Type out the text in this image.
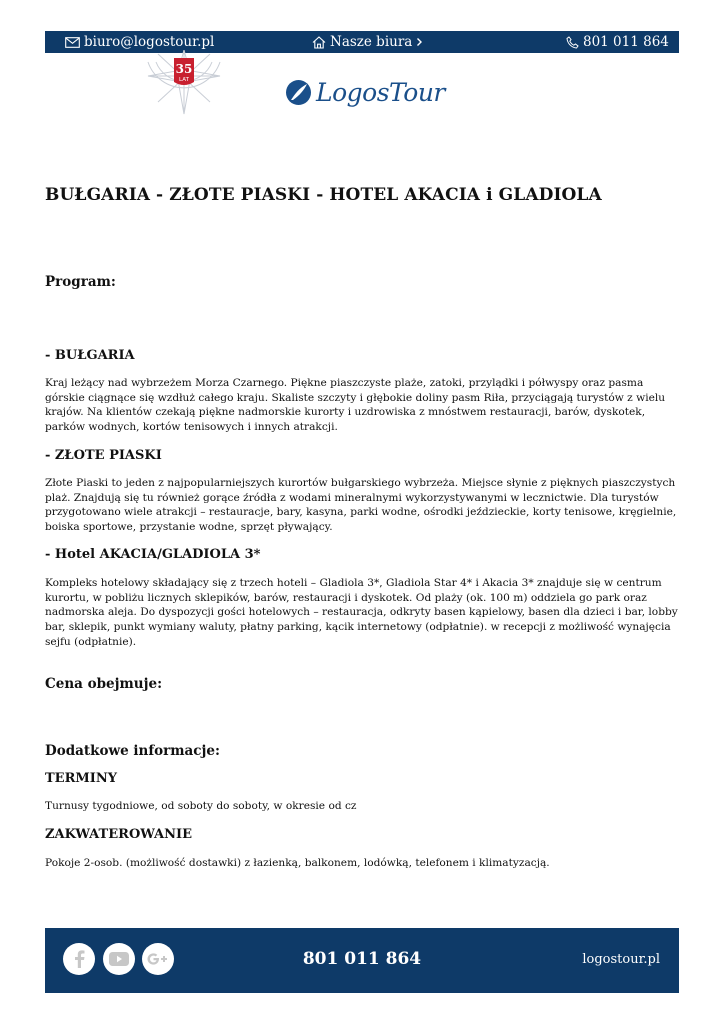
biuro@logostour.pl	Nasze biura	801 011 864
35
LAT	LogosTour
BUŁGARIA - ZŁOTE PIASKI - HOTEL AKACIA i GLADIOLA
Program:
- BUŁGARIA

Kraj leżący nad wybrzeżem Morza Czarnego. Piękne piaszczyste plaże, zatoki, przylądki i półwyspy oraz pasma górskie ciągnące się wzdłuż całego kraju. Skaliste szczyty i głębokie doliny pasm Riła, przyciągają turystów z wielu krajów. Na klientów czekają piękne nadmorskie kurorty i uzdrowiska z mnóstwem restauracji, barów, dyskotek, parków wodnych, kortów tenisowych i innych atrakcji.

- ZŁOTE PIASKI

Złote Piaski to jeden z najpopularniejszych kurortów bułgarskiego wybrzeża. Miejsce słynie z pięknych piaszczystych plaż. Znajdują się tu również gorące źródła z wodami mineralnymi wykorzystywanymi w lecznictwie. Dla turystów przygotowano wiele atrakcji – restauracje, bary, kasyna, parki wodne, ośrodki jeździeckie, korty tenisowe, kręgielnie, boiska sportowe, przystanie wodne, sprzęt pływający.

- Hotel AKACIA/GLADIOLA 3*

Kompleks hotelowy składający się z trzech hoteli – Gladiola 3*, Gladiola Star 4* i Akacia 3* znajduje się w centrum kurortu, w pobliżu licznych sklepików, barów, restauracji i dyskotek. Od plaży (ok. 100 m) oddziela go park oraz nadmorska aleja. Do dyspozycji gości hotelowych – restauracja, odkryty basen kąpielowy, basen dla dzieci i bar, lobby bar, sklepik, punkt wymiany waluty, płatny parking, kącik internetowy (odpłatnie). w recepcji z możliwość wynajęcia sejfu (odpłatnie).

Cena obejmuje:
Dodatkowe informacje:
TERMINY

Turnusy tygodniowe, od soboty do soboty, w okresie od cz

ZAKWATEROWANIE

Pokoje 2-osob. (możliwość dostawki) z łazienką, balkonem, lodówką, telefonem i klimatyzacją.

801 011 864	logostour.pl
